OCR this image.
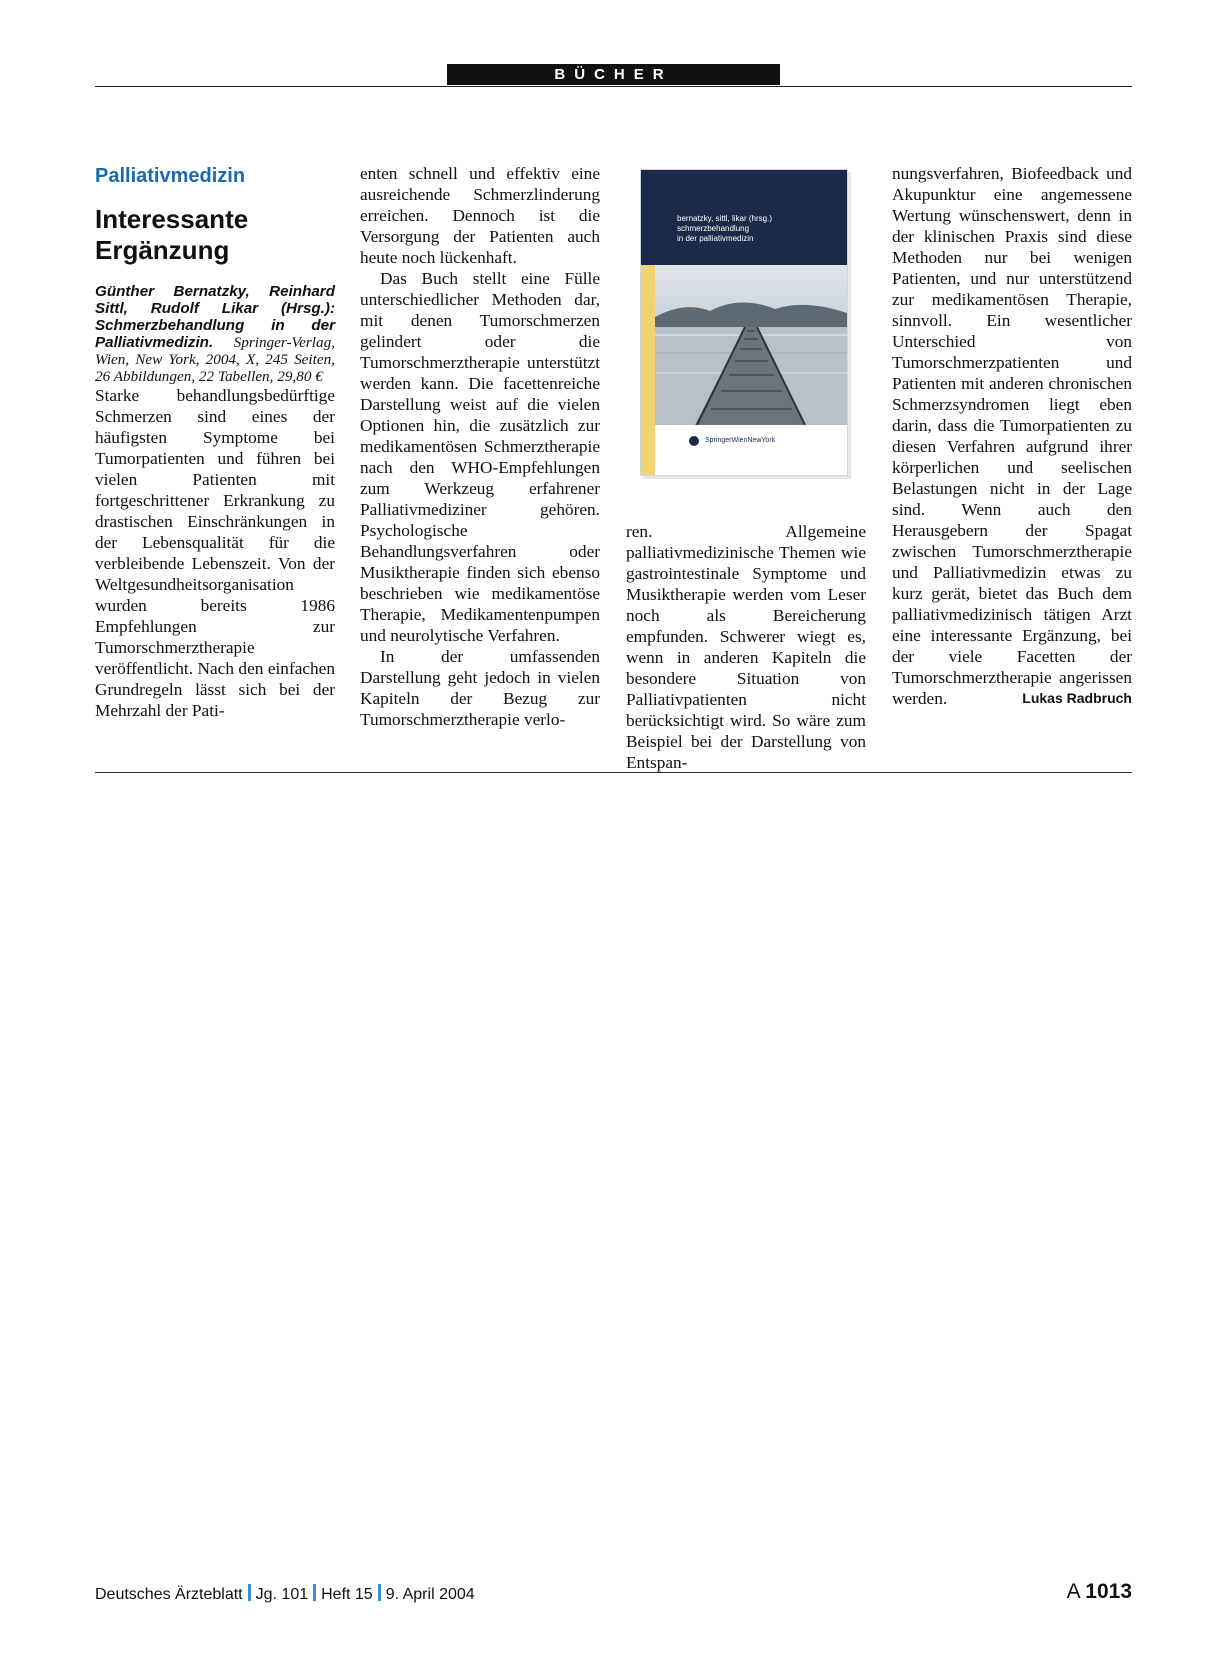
BÜCHER
Palliativmedizin
Interessante Ergänzung

Günther Bernatzky, Reinhard Sittl, Rudolf Likar (Hrsg.): Schmerzbehandlung in der Palliativmedizin. Springer-Verlag, Wien, New York, 2004, X, 245 Seiten, 26 Abbildungen, 22 Tabellen, 29,80 €

Starke behandlungsbedürftige Schmerzen sind eines der häufigsten Symptome bei Tumorpatienten und führen bei vielen Patienten mit fortgeschrittener Erkrankung zu drastischen Einschränkungen in der Lebensqualität für die verbleibende Lebenszeit. Von der Weltgesundheitsorganisation wurden bereits 1986 Empfehlungen zur Tumorschmerztherapie veröffentlicht. Nach den einfachen Grundregeln lässt sich bei der Mehrzahl der Pati-

enten schnell und effektiv eine ausreichende Schmerzlinderung erreichen. Dennoch ist die Versorgung der Patienten auch heute noch lückenhaft.

Das Buch stellt eine Fülle unterschiedlicher Methoden dar, mit denen Tumorschmerzen gelindert oder die Tumorschmerztherapie unterstützt werden kann. Die facettenreiche Darstellung weist auf die vielen Optionen hin, die zusätzlich zur medikamentösen Schmerztherapie nach den WHO-Empfehlungen zum Werkzeug erfahrener Palliativmediziner gehören. Psychologische Behandlungsverfahren oder Musiktherapie finden sich ebenso beschrieben wie medikamentöse Therapie, Medikamentenpumpen und neurolytische Verfahren.

In der umfassenden Darstellung geht jedoch in vielen Kapiteln der Bezug zur Tumorschmerztherapie verlo-

bernatzky, sittl, likar (hrsg.)
schmerzbehandlung
in der palliativmedizin
SpringerWienNewYork

ren. Allgemeine palliativmedizinische Themen wie gastrointestinale Symptome und Musiktherapie werden vom Leser noch als Bereicherung empfunden. Schwerer wiegt es, wenn in anderen Kapiteln die besondere Situation von Palliativpatienten nicht berücksichtigt wird. So wäre zum Beispiel bei der Darstellung von Entspan-

nungsverfahren, Biofeedback und Akupunktur eine angemessene Wertung wünschenswert, denn in der klinischen Praxis sind diese Methoden nur bei wenigen Patienten, und nur unterstützend zur medikamentösen Therapie, sinnvoll. Ein wesentlicher Unterschied von Tumorschmerzpatienten und Patienten mit anderen chronischen Schmerzsyndromen liegt eben darin, dass die Tumorpatienten zu diesen Verfahren aufgrund ihrer körperlichen und seelischen Belastungen nicht in der Lage sind. Wenn auch den Herausgebern der Spagat zwischen Tumorschmerztherapie und Palliativmedizin etwas zu kurz gerät, bietet das Buch dem palliativmedizinisch tätigen Arzt eine interessante Ergänzung, bei der viele Facetten der Tumorschmerztherapie angerissen werden.	Lukas Radbruch

Deutsches Ärzteblatt Jg. 101 Heft 15 9. April 2004	A 1013
